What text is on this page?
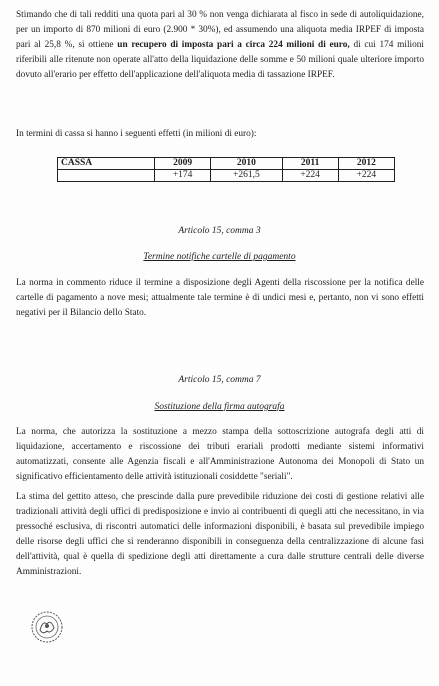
Stimando che di tali redditi una quota pari al 30 % non venga dichiarata al fisco in sede di autoliquidazione, per un importo di 870 milioni di euro (2.900 * 30%), ed assumendo una aliquota media IRPEF di imposta pari al 25,8 %, si ottiene un recupero di imposta pari a circa 224 milioni di euro, di cui 174 milioni riferibili alle ritenute non operate all'atto della liquidazione delle somme e 50 milioni quale ulteriore importo dovuto all'erario per effetto dell'applicazione dell'aliquota media di tassazione IRPEF.

In termini di cassa si hanno i seguenti effetti (in milioni di euro):

CASSA	2009	2010	2011	2012
	+174	+261,5	+224	+224

Articolo 15, comma 3

Termine notifiche cartelle di pagamento

La norma in commento riduce il termine a disposizione degli Agenti della riscossione per la notifica delle cartelle di pagamento a nove mesi; attualmente tale termine è di undici mesi e, pertanto, non vi sono effetti negativi per il Bilancio dello Stato.

Articolo 15, comma 7

Sostituzione della firma autografa

La norma, che autorizza la sostituzione a mezzo stampa della sottoscrizione autografa degli atti di liquidazione, accertamento e riscossione dei tributi erariali prodotti mediante sistemi informativi automatizzati, consente alle Agenzia fiscali e all'Amministrazione Autonoma dei Monopoli di Stato un significativo efficientamento delle attività istituzionali cosiddette "seriali".

La stima del gettito atteso, che prescinde dalla pure prevedibile riduzione dei costi di gestione relativi alle tradizionali attività degli uffici di predisposizione e invio ai contribuenti di quegli atti che necessitano, in via pressoché esclusiva, di riscontri automatici delle informazioni disponibili, è basata sul prevedibile impiego delle risorse degli uffici che si renderanno disponibili in conseguenza della centralizzazione di alcune fasi dell'attività, qual è quella di spedizione degli atti direttamente a cura dalle strutture centrali delle diverse Amministrazioni.
